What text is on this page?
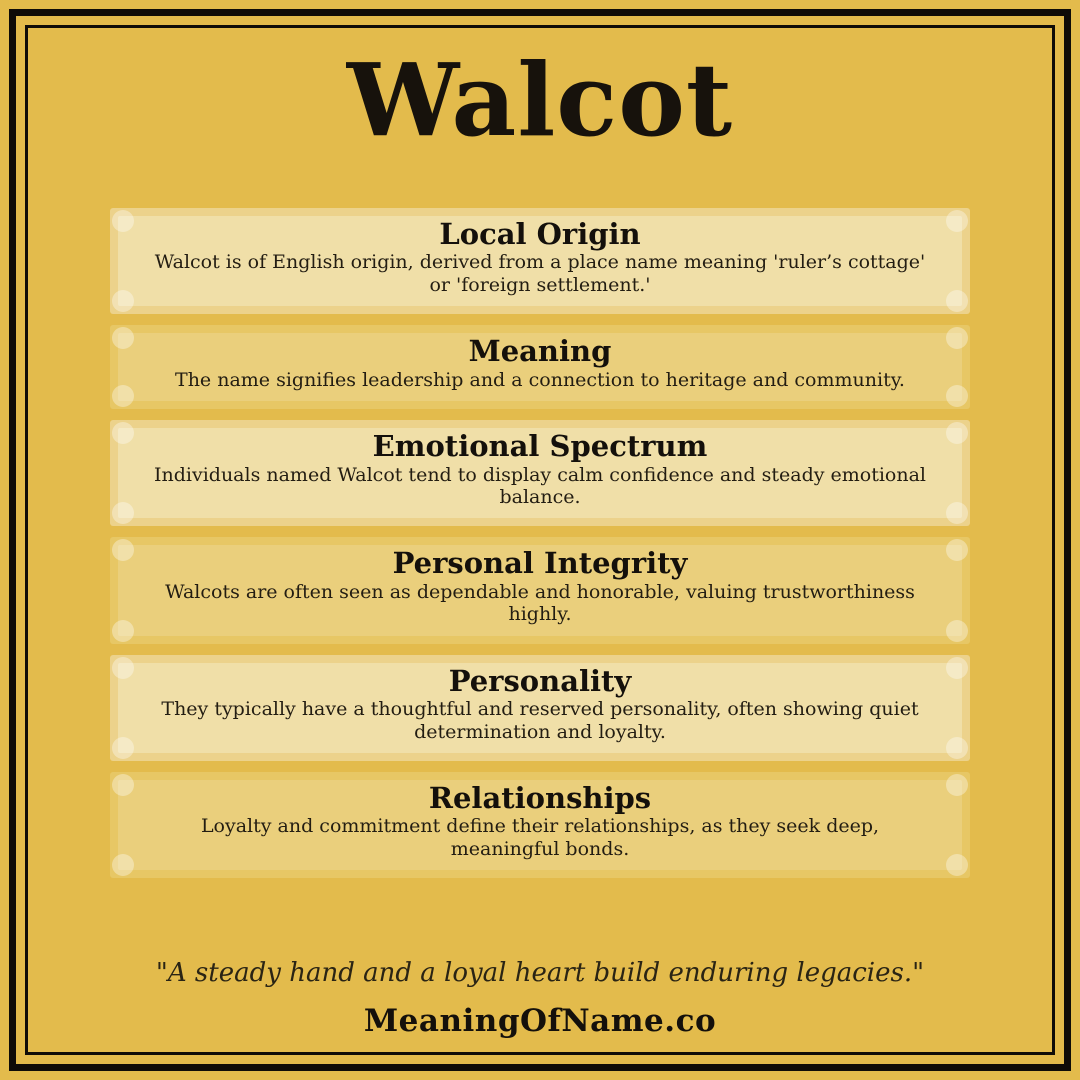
Walcot
Local Origin

Walcot is of English origin, derived from a place name meaning 'ruler’s cottage' or 'foreign settlement.'

Meaning

The name signifies leadership and a connection to heritage and community.

Emotional Spectrum

Individuals named Walcot tend to display calm confidence and steady emotional balance.

Personal Integrity

Walcots are often seen as dependable and honorable, valuing trustworthiness highly.

Personality

They typically have a thoughtful and reserved personality, often showing quiet determination and loyalty.

Relationships

Loyalty and commitment define their relationships, as they seek deep, meaningful bonds.

"A steady hand and a loyal heart build enduring legacies."
MeaningOfName.co
